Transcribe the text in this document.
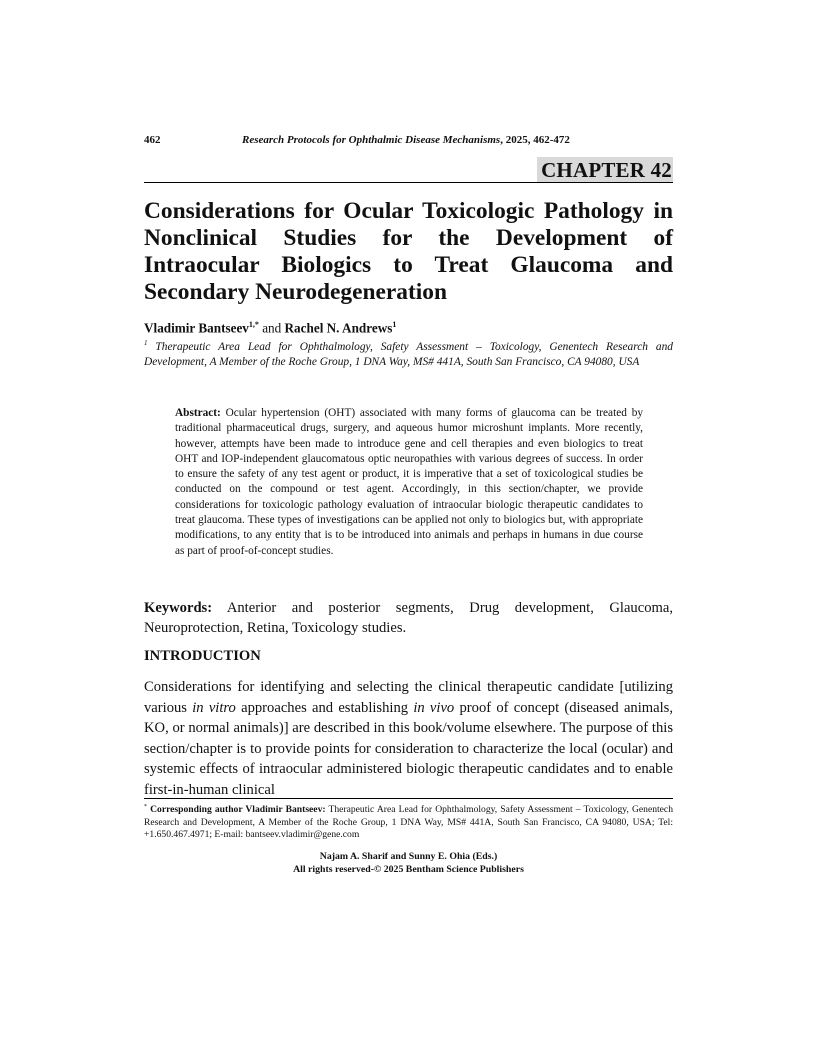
462	Research Protocols for Ophthalmic Disease Mechanisms, 2025, 462-472
CHAPTER 42
Considerations for Ocular Toxicologic Pathology in Nonclinical Studies for the Development of Intraocular Biologics to Treat Glaucoma and Secondary Neurodegeneration
Vladimir Bantseev$^{1,*}$ and Rachel N. Andrews$^1$
$^1$ Therapeutic Area Lead for Ophthalmology, Safety Assessment – Toxicology, Genentech Research and Development, A Member of the Roche Group, 1 DNA Way, MS# 441A, South San Francisco, CA 94080, USA
Abstract: Ocular hypertension (OHT) associated with many forms of glaucoma can be treated by traditional pharmaceutical drugs, surgery, and aqueous humor microshunt implants. More recently, however, attempts have been made to introduce gene and cell therapies and even biologics to treat OHT and IOP-independent glaucomatous optic neuropathies with various degrees of success. In order to ensure the safety of any test agent or product, it is imperative that a set of toxicological studies be conducted on the compound or test agent. Accordingly, in this section/chapter, we provide considerations for toxicologic pathology evaluation of intraocular biologic therapeutic candidates to treat glaucoma. These types of investigations can be applied not only to biologics but, with appropriate modifications, to any entity that is to be introduced into animals and perhaps in humans in due course as part of proof-of-concept studies.
Keywords: Anterior and posterior segments, Drug development, Glaucoma, Neuroprotection, Retina, Toxicology studies.
INTRODUCTION
Considerations for identifying and selecting the clinical therapeutic candidate [utilizing various in vitro approaches and establishing in vivo proof of concept (diseased animals, KO, or normal animals)] are described in this book/volume elsewhere. The purpose of this section/chapter is to provide points for consideration to characterize the local (ocular) and systemic effects of intraocular administered biologic therapeutic candidates and to enable first-in-human clinical
* Corresponding author Vladimir Bantseev: Therapeutic Area Lead for Ophthalmology, Safety Assessment – Toxicology, Genentech Research and Development, A Member of the Roche Group, 1 DNA Way, MS# 441A, South San Francisco, CA 94080, USA; Tel: +1.650.467.4971; E-mail: bantseev.vladimir@gene.com
Najam A. Sharif and Sunny E. Ohia (Eds.)
All rights reserved-© 2025 Bentham Science Publishers
